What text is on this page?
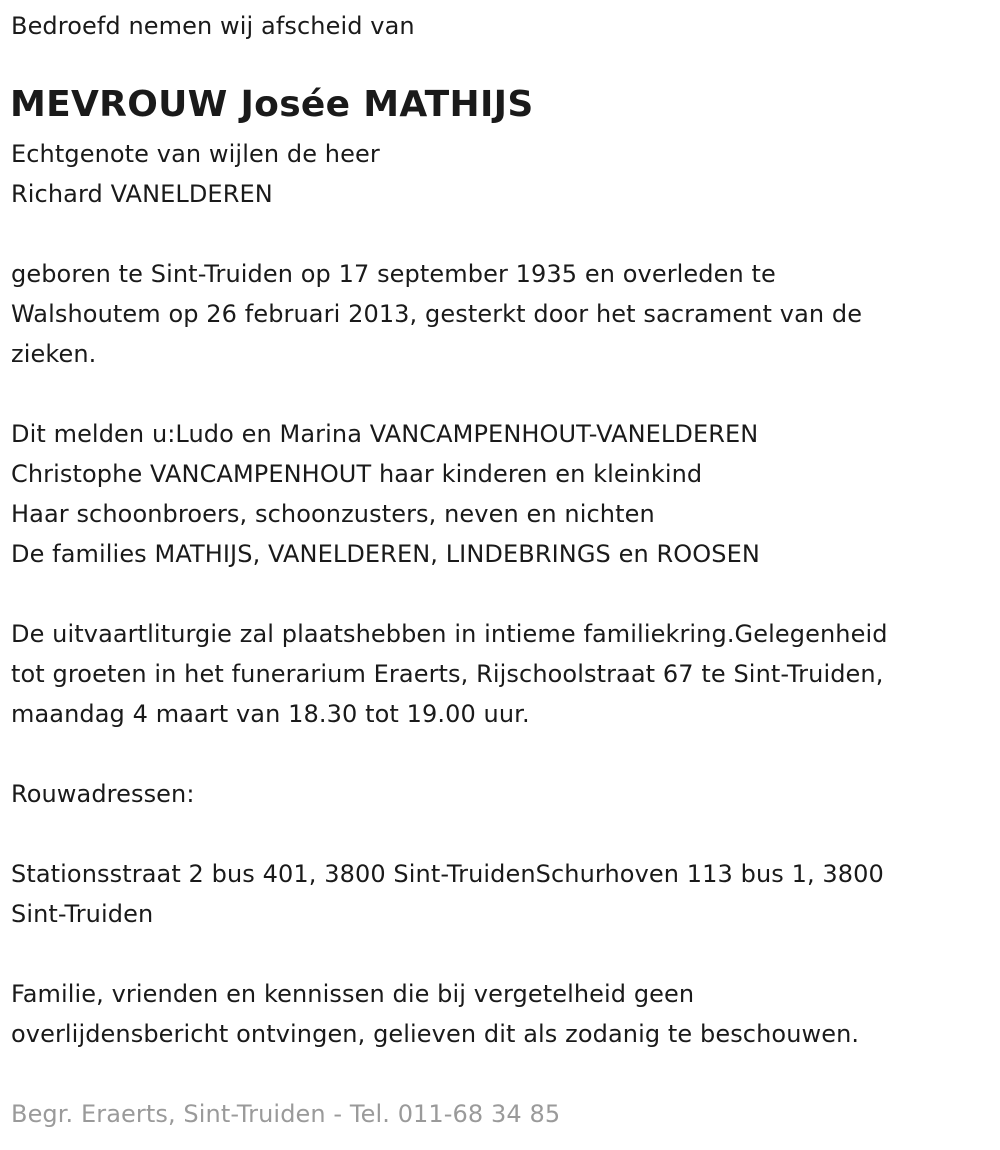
Bedroefd nemen wij afscheid van

MEVROUW Josée MATHIJS

Echtgenote van wijlen de heer

Richard VANELDEREN

geboren te Sint-Truiden op 17 september 1935 en overleden te

Walshoutem op 26 februari 2013, gesterkt door het sacrament van de

zieken.

Dit melden u:Ludo en Marina VANCAMPENHOUT-VANELDEREN

Christophe VANCAMPENHOUT haar kinderen en kleinkind

Haar schoonbroers, schoonzusters, neven en nichten

De families MATHIJS, VANELDEREN, LINDEBRINGS en ROOSEN

De uitvaartliturgie zal plaatshebben in intieme familiekring.Gelegenheid

tot groeten in het funerarium Eraerts, Rijschoolstraat 67 te Sint-Truiden,

maandag 4 maart van 18.30 tot 19.00 uur.

Rouwadressen:

Stationsstraat 2 bus 401, 3800 Sint-TruidenSchurhoven 113 bus 1, 3800

Sint-Truiden

Familie, vrienden en kennissen die bij vergetelheid geen

overlijdensbericht ontvingen, gelieven dit als zodanig te beschouwen.

Begr. Eraerts, Sint-Truiden - Tel. 011-68 34 85
